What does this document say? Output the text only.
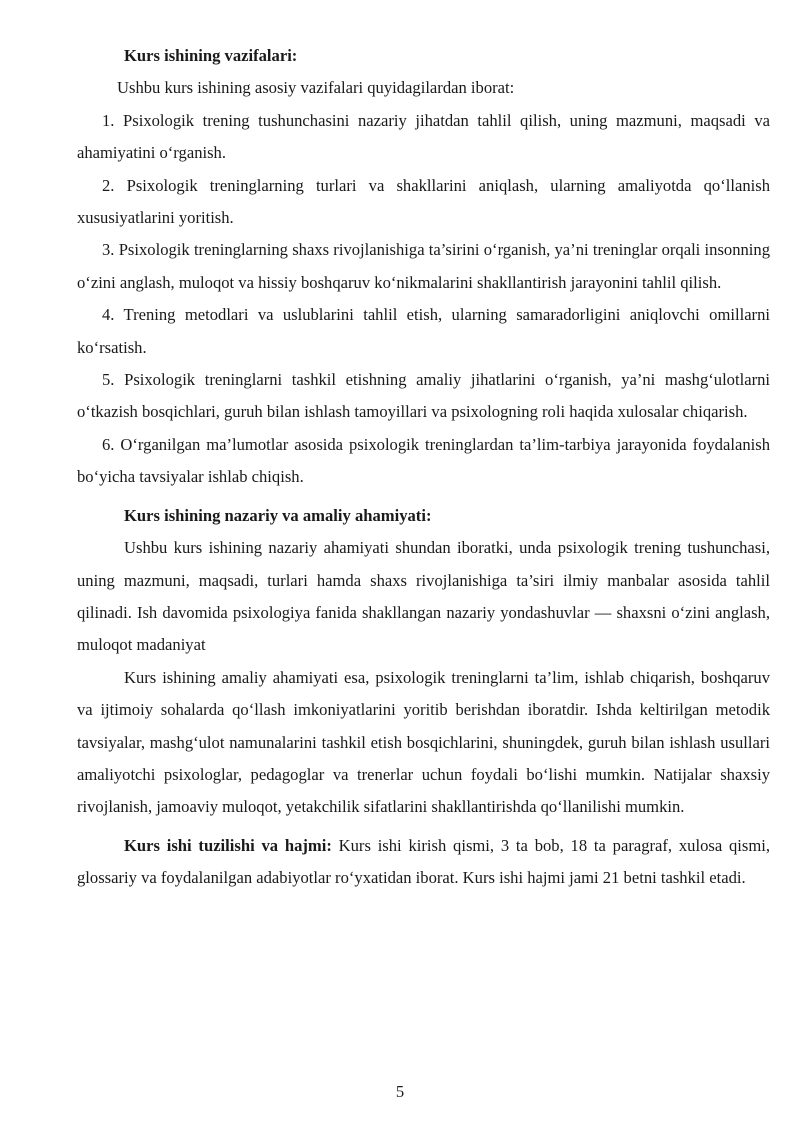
Kurs ishining vazifalari:

Ushbu kurs ishining asosiy vazifalari quyidagilardan iborat:

1. Psixologik trening tushunchasini nazariy jihatdan tahlil qilish, uning mazmuni, maqsadi va ahamiyatini o‘rganish.

2. Psixologik treninglarning turlari va shakllarini aniqlash, ularning amaliyotda qo‘llanish xususiyatlarini yoritish.

3. Psixologik treninglarning shaxs rivojlanishiga ta’sirini o‘rganish, ya’ni treninglar orqali insonning o‘zini anglash, muloqot va hissiy boshqaruv ko‘nikmalarini shakllantirish jarayonini tahlil qilish.

4. Trening metodlari va uslublarini tahlil etish, ularning samaradorligini aniqlovchi omillarni ko‘rsatish.

5. Psixologik treninglarni tashkil etishning amaliy jihatlarini o‘rganish, ya’ni mashg‘ulotlarni o‘tkazish bosqichlari, guruh bilan ishlash tamoyillari va psixologning roli haqida xulosalar chiqarish.

6. O‘rganilgan ma’lumotlar asosida psixologik treninglardan ta’lim-tarbiya jarayonida foydalanish bo‘yicha tavsiyalar ishlab chiqish.

Kurs ishining nazariy va amaliy ahamiyati:

Ushbu kurs ishining nazariy ahamiyati shundan iboratki, unda psixologik trening tushunchasi, uning mazmuni, maqsadi, turlari hamda shaxs rivojlanishiga ta’siri ilmiy manbalar asosida tahlil qilinadi. Ish davomida psixologiya fanida shakllangan nazariy yondashuvlar — shaxsni o‘zini anglash, muloqot madaniyat

Kurs ishining amaliy ahamiyati esa, psixologik treninglarni ta’lim, ishlab chiqarish, boshqaruv va ijtimoiy sohalarda qo‘llash imkoniyatlarini yoritib berishdan iboratdir. Ishda keltirilgan metodik tavsiyalar, mashg‘ulot namunalarini tashkil etish bosqichlarini, shuningdek, guruh bilan ishlash usullari amaliyotchi psixologlar, pedagoglar va trenerlar uchun foydali bo‘lishi mumkin. Natijalar shaxsiy rivojlanish, jamoaviy muloqot, yetakchilik sifatlarini shakllantirishda qo‘llanilishi mumkin.

Kurs ishi tuzilishi va hajmi: Kurs ishi kirish qismi, 3 ta bob, 18 ta paragraf, xulosa qismi, glossariy va foydalanilgan adabiyotlar ro‘yxatidan iborat. Kurs ishi hajmi jami 21 betni tashkil etadi.

5
